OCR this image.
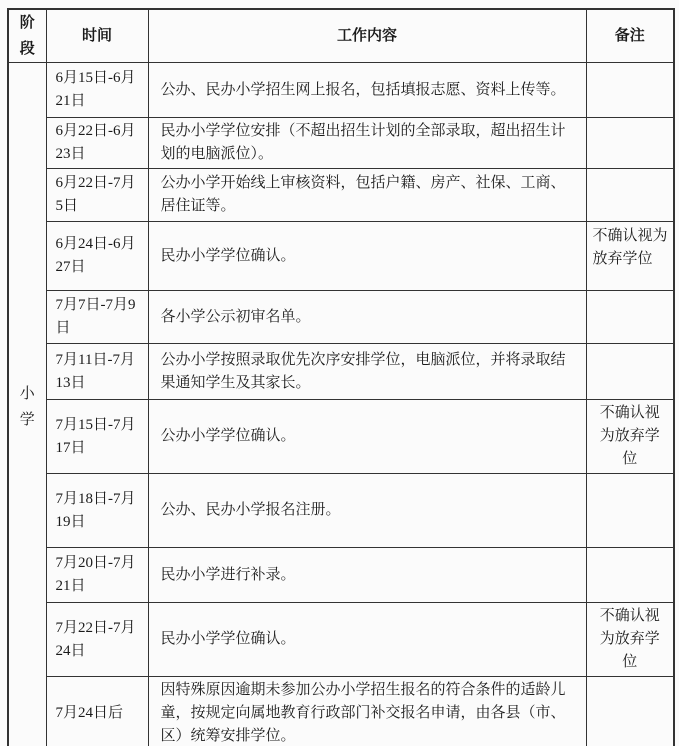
阶段	时间	工作内容	备注
小学	6月15日-6月21日	公办、民办小学招生网上报名，包括填报志愿、资料上传等。	
	6月22日-6月23日	民办小学学位安排（不超出招生计划的全部录取，超出招生计划的电脑派位）。	
	6月22日-7月5日	公办小学开始线上审核资料，包括户籍、房产、社保、工商、居住证等。	
	6月24日-6月27日	民办小学学位确认。	不确认视为放弃学位
	7月7日-7月9日	各小学公示初审名单。	
	7月11日-7月13日	公办小学按照录取优先次序安排学位，电脑派位，并将录取结果通知学生及其家长。	
	7月15日-7月17日	公办小学学位确认。	不确认视为放弃学位
	7月18日-7月19日	公办、民办小学报名注册。	
	7月20日-7月21日	民办小学进行补录。	
	7月22日-7月24日	民办小学学位确认。	不确认视为放弃学位
	7月24日后	因特殊原因逾期未参加公办小学招生报名的符合条件的适龄儿童，按规定向属地教育行政部门补交报名申请，由各县（市、区）统筹安排学位。	
